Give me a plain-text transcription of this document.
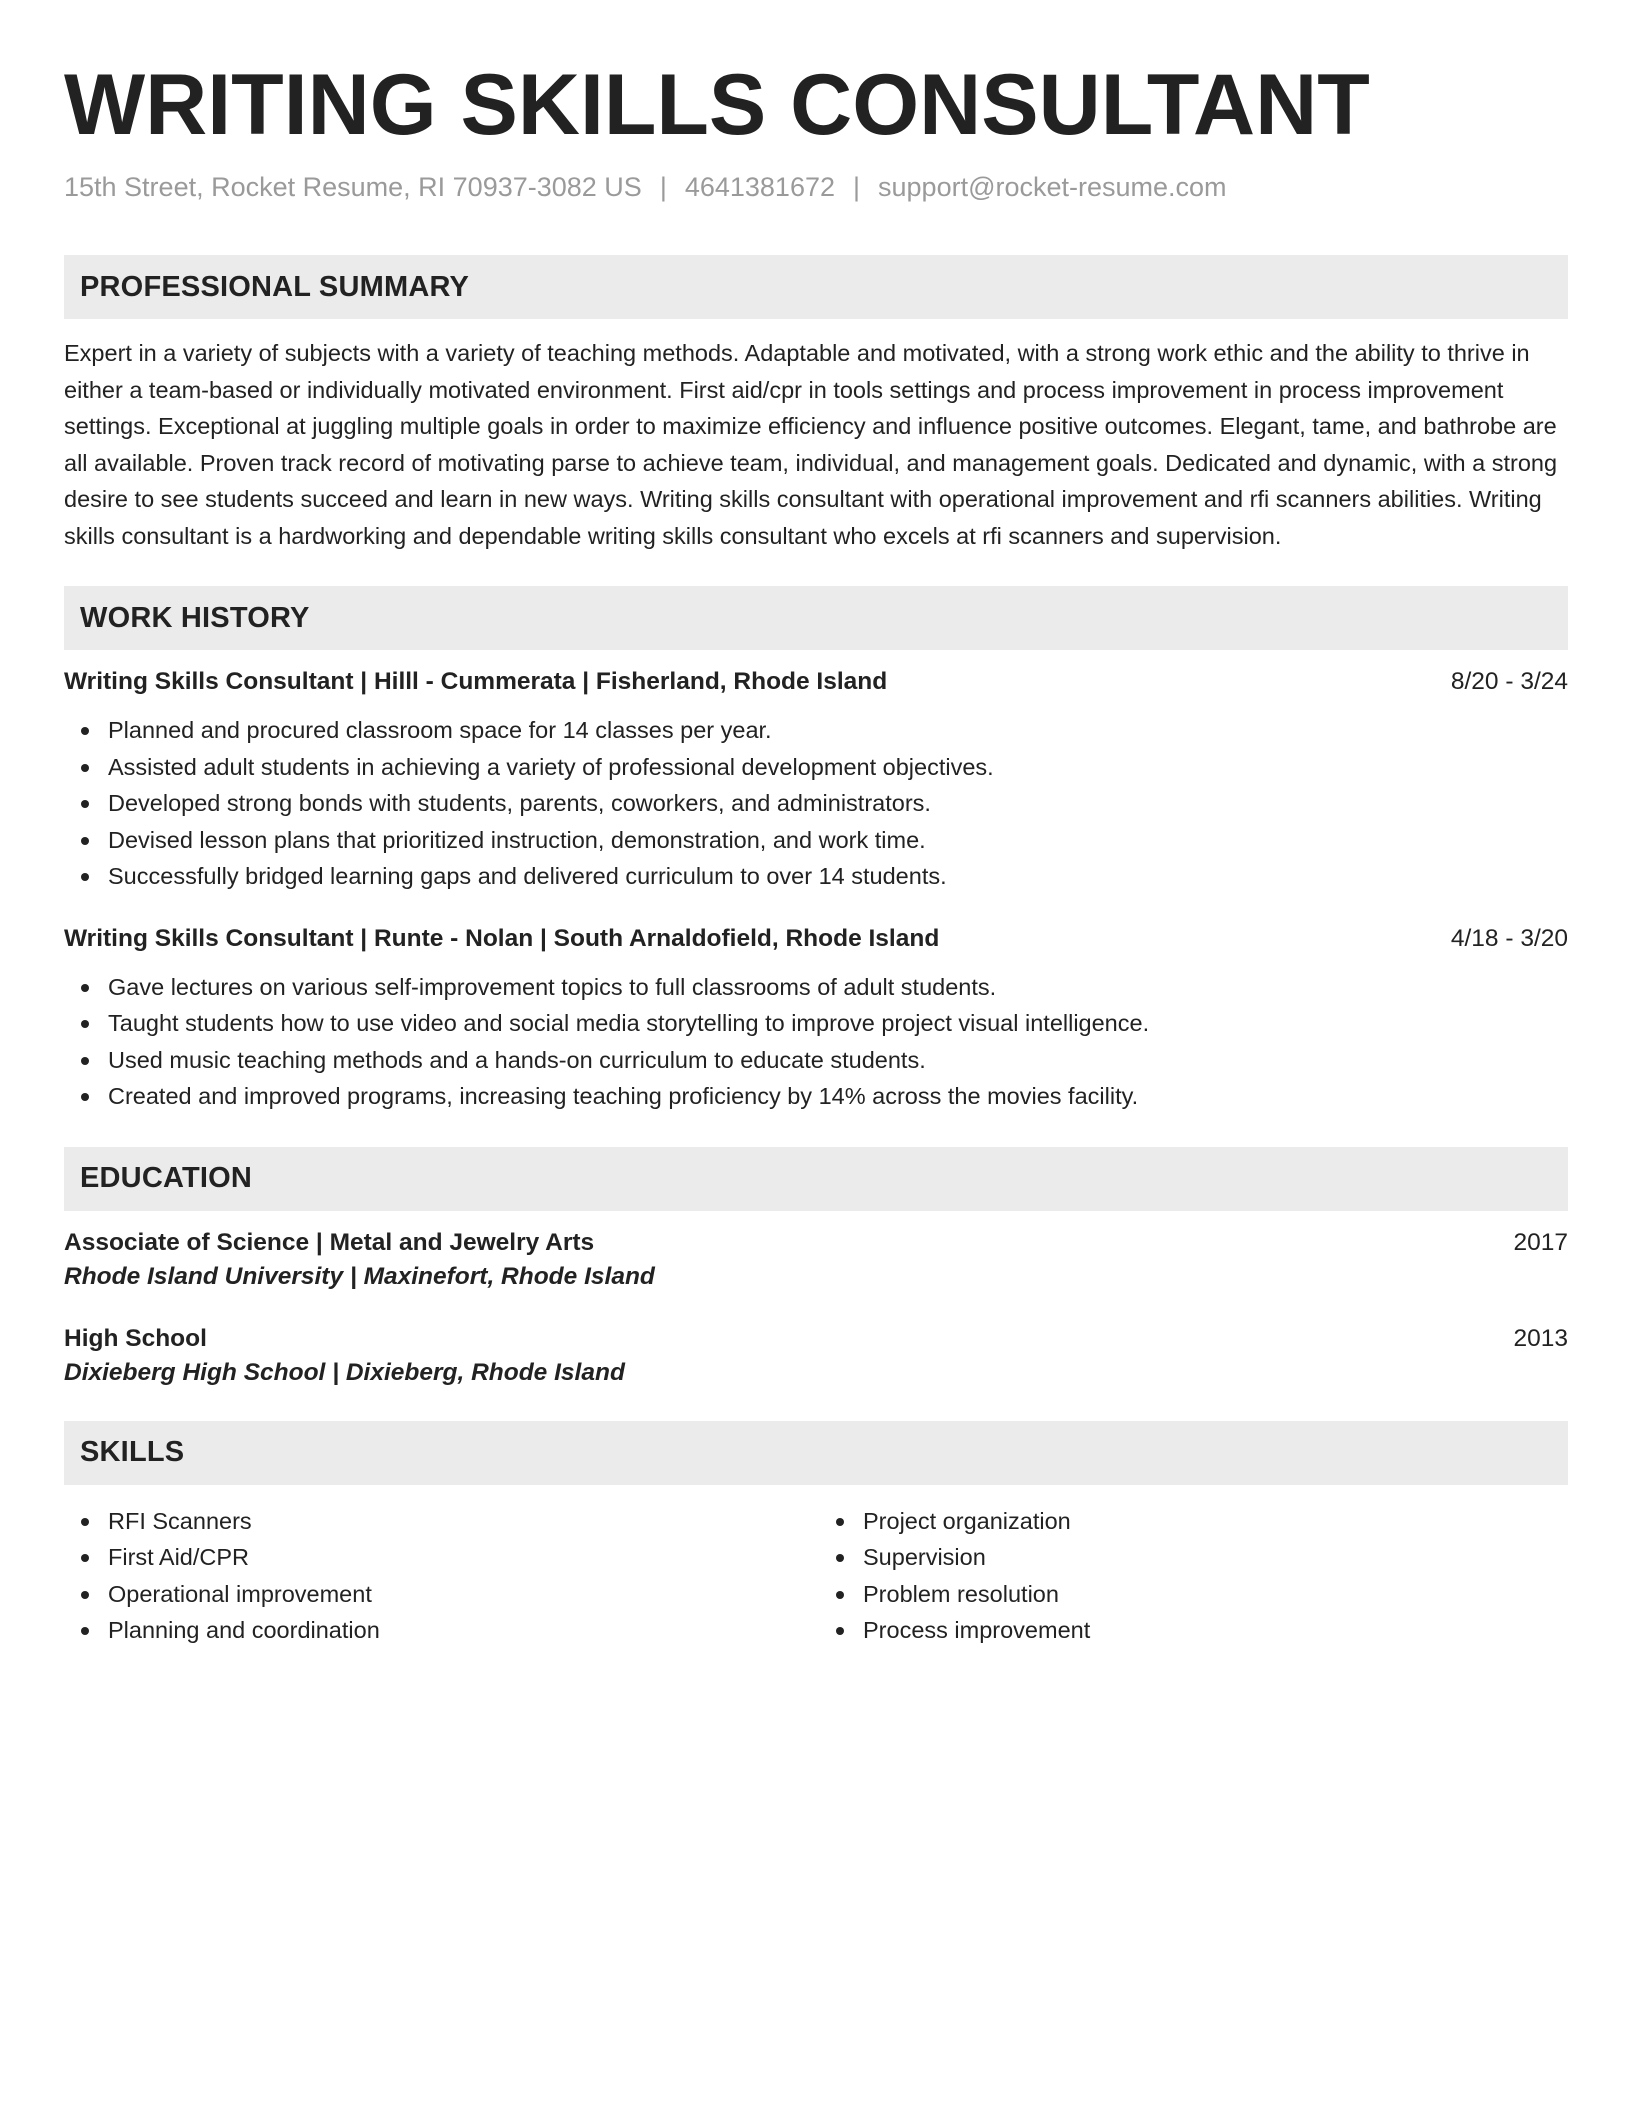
WRITING SKILLS CONSULTANT
15th Street, Rocket Resume, RI 70937-3082 US | 4641381672 | support@rocket-resume.com
PROFESSIONAL SUMMARY

Expert in a variety of subjects with a variety of teaching methods. Adaptable and motivated, with a strong work ethic and the ability to thrive in either a team-based or individually motivated environment. First aid/cpr in tools settings and process improvement in process improvement settings. Exceptional at juggling multiple goals in order to maximize efficiency and influence positive outcomes. Elegant, tame, and bathrobe are all available. Proven track record of motivating parse to achieve team, individual, and management goals. Dedicated and dynamic, with a strong desire to see students succeed and learn in new ways. Writing skills consultant with operational improvement and rfi scanners abilities. Writing skills consultant is a hardworking and dependable writing skills consultant who excels at rfi scanners and supervision.

WORK HISTORY
Writing Skills Consultant | Hilll - Cummerata | Fisherland, Rhode Island	8/20 - 3/24
Planned and procured classroom space for 14 classes per year.
Assisted adult students in achieving a variety of professional development objectives.
Developed strong bonds with students, parents, coworkers, and administrators.
Devised lesson plans that prioritized instruction, demonstration, and work time.
Successfully bridged learning gaps and delivered curriculum to over 14 students.
Writing Skills Consultant | Runte - Nolan | South Arnaldofield, Rhode Island	4/18 - 3/20
Gave lectures on various self-improvement topics to full classrooms of adult students.
Taught students how to use video and social media storytelling to improve project visual intelligence.
Used music teaching methods and a hands-on curriculum to educate students.
Created and improved programs, increasing teaching proficiency by 14% across the movies facility.
EDUCATION
Associate of Science | Metal and Jewelry Arts	2017
Rhode Island University | Maxinefort, Rhode Island
High School	2013
Dixieberg High School | Dixieberg, Rhode Island
SKILLS
RFI Scanners
First Aid/CPR
Operational improvement
Planning and coordination
Project organization
Supervision
Problem resolution
Process improvement
